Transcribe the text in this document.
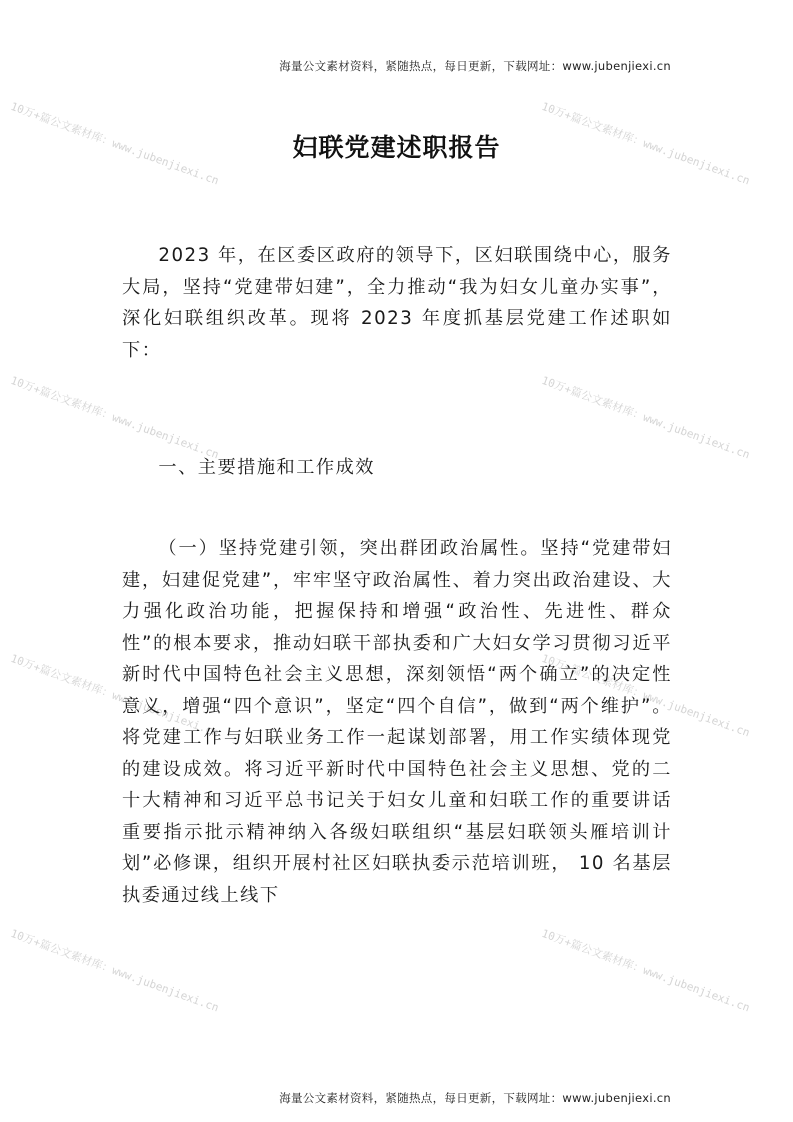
10万+篇公文素材库：www.jubenjiexi.cn	10万+篇公文素材库：www.jubenjiexi.cn
10万+篇公文素材库：www.jubenjiexi.cn	10万+篇公文素材库：www.jubenjiexi.cn
10万+篇公文素材库：www.jubenjiexi.cn	10万+篇公文素材库：www.jubenjiexi.cn
10万+篇公文素材库：www.jubenjiexi.cn	10万+篇公文素材库：www.jubenjiexi.cn
海量公文素材资料，紧随热点，每日更新，下载网址：www.jubenjiexi.cn
妇联党建述职报告

2023 年，在区委区政府的领导下，区妇联围绕中心，服务大局，坚持“党建带妇建”，全力推动“我为妇女儿童办实事”，深化妇联组织改革。现将 2023 年度抓基层党建工作述职如下：

一、主要措施和工作成效

（一）坚持党建引领，突出群团政治属性。坚持“党建带妇建，妇建促党建”，牢牢坚守政治属性、着力突出政治建设、大力强化政治功能，把握保持和增强“政治性、先进性、群众性”的根本要求，推动妇联干部执委和广大妇女学习贯彻习近平新时代中国特色社会主义思想，深刻领悟“两个确立”的决定性意义，增强“四个意识”，坚定“四个自信”，做到“两个维护”。将党建工作与妇联业务工作一起谋划部署，用工作实绩体现党的建设成效。将习近平新时代中国特色社会主义思想、党的二十大精神和习近平总书记关于妇女儿童和妇联工作的重要讲话重要指示批示精神纳入各级妇联组织“基层妇联领头雁培训计划”必修课，组织开展村社区妇联执委示范培训班， 10 名基层执委通过线上线下

海量公文素材资料，紧随热点，每日更新，下载网址：www.jubenjiexi.cn
